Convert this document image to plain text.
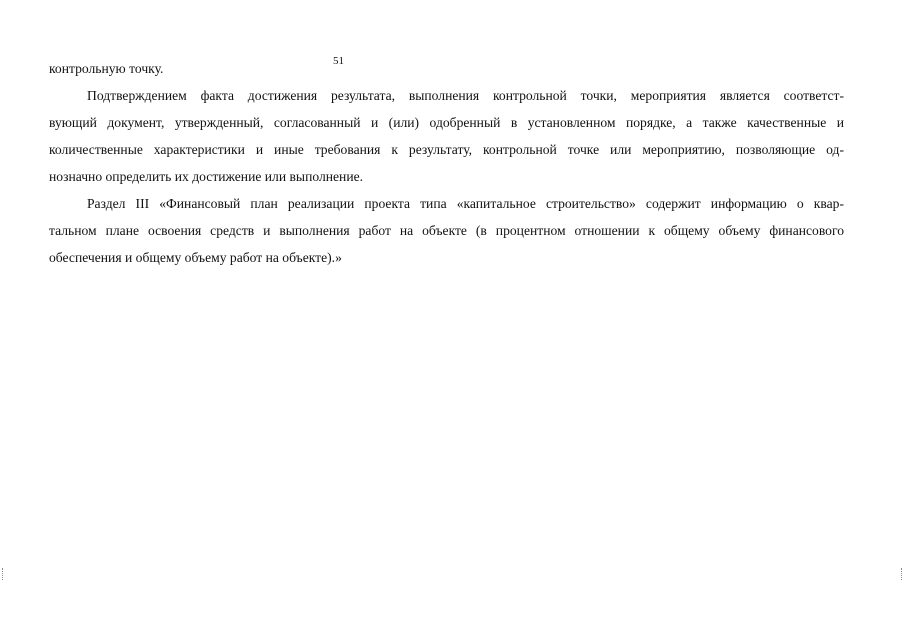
51
контрольную точку.
Подтверждением факта достижения результата, выполнения контрольной точки, мероприятия является соответст-
вующий документ, утвержденный, согласованный и (или) одобренный в установленном порядке, а также качественные и
количественные характеристики и иные требования к результату, контрольной точке или мероприятию, позволяющие од-
нозначно определить их достижение или выполнение.
Раздел III «Финансовый план реализации проекта типа «капитальное строительство» содержит информацию о квар-
тальном плане освоения средств и выполнения работ на объекте (в процентном отношении к общему объему финансового
обеспечения и общему объему работ на объекте).»
